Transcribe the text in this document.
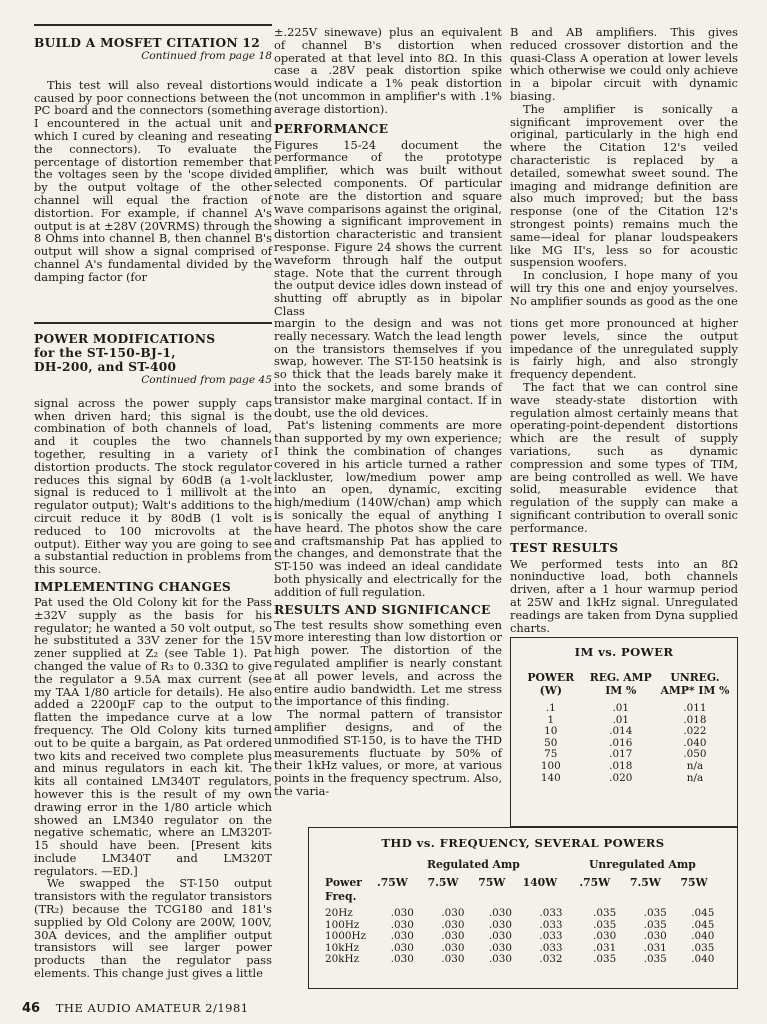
BUILD A MOSFET CITATION 12
Continued from page 18

This test will also reveal distortions caused by poor connections between the PC board and the connectors (something I encountered in the actual unit and which I cured by cleaning and reseating the connectors). To evaluate the percentage of distortion remember that the voltages seen by the 'scope divided by the output voltage of the other channel will equal the fraction of distortion. For example, if channel A's output is at ±28V (20VRMS) through the 8 Ohms into channel B, then channel B's output will show a signal comprised of channel A's fundamental divided by the damping factor (for

±.225V sinewave) plus an equivalent of channel B's distortion when operated at that level into 8Ω. In this case a .28V peak distortion spike would indicate a 1% peak distortion (not uncommon in amplifier's with .1% average distortion).

PERFORMANCE

Figures 15-24 document the performance of the prototype amplifier, which was built without selected components. Of particular note are the distortion and square wave comparisons against the original, showing a significant improvement in distortion characteristic and transient response. Figure 24 shows the current waveform through half the output stage. Note that the current through the output device idles down instead of shutting off abruptly as in bipolar Class

B and AB amplifiers. This gives reduced crossover distortion and the quasi-Class A operation at lower levels which otherwise we could only achieve in a bipolar circuit with dynamic biasing.

The amplifier is sonically a significant improvement over the original, particularly in the high end where the Citation 12's veiled characteristic is replaced by a detailed, somewhat sweet sound. The imaging and midrange definition are also much improved; but the bass response (one of the Citation 12's strongest points) remains much the same—ideal for planar loudspeakers like MG II's, less so for acoustic suspension woofers.

In conclusion, I hope many of you will try this one and enjoy yourselves. No amplifier sounds as good as the one

POWER MODIFICATIONS
for the ST-150-BJ-1,
DH-200, and ST-400
Continued from page 45

signal across the power supply caps when driven hard; this signal is the combination of both channels of load, and it couples the two channels together, resulting in a variety of distortion products. The stock regulator reduces this signal by 60dB (a 1-volt signal is reduced to 1 millivolt at the regulator output); Walt's additions to the circuit reduce it by 80dB (1 volt is reduced to 100 microvolts at the output). Either way you are going to see a substantial reduction in problems from this source.

IMPLEMENTING CHANGES

Pat used the Old Colony kit for the Pass ±32V supply as the basis for his regulator; he wanted a 50 volt output, so he substituted a 33V zener for the 15V zener supplied at Z₂ (see Table 1). Pat changed the value of R₃ to 0.33Ω to give the regulator a 9.5A max current (see my TAA 1/80 article for details). He also added a 2200µF cap to the output to flatten the impedance curve at a low frequency. The Old Colony kits turned out to be quite a bargain, as Pat ordered two kits and received two complete plus and minus regulators in each kit. The kits all contained LM340T regulators, however this is the result of my own drawing error in the 1/80 article which showed an LM340 regulator on the negative schematic, where an LM320T-15 should have been. [Present kits include LM340T and LM320T regulators. —ED.]

We swapped the ST-150 output transistors with the regulator transistors (TR₂) because the TCG180 and 181's supplied by Old Colony are 200W, 100V, 30A devices, and the amplifier output transistors will see larger power products than the regulator pass elements. This change just gives a little

margin to the design and was not really necessary. Watch the lead length on the transistors themselves if you swap, however. The ST-150 heatsink is so thick that the leads barely make it into the sockets, and some brands of transistor make marginal contact. If in doubt, use the old devices.

Pat's listening comments are more than supported by my own experience; I think the combination of changes covered in his article turned a rather lackluster, low/medium power amp into an open, dynamic, exciting high/medium (140W/chan) amp which is sonically the equal of anything I have heard. The photos show the care and craftsmanship Pat has applied to the changes, and demonstrate that the ST-150 was indeed an ideal candidate both physically and electrically for the addition of full regulation.

RESULTS AND SIGNIFICANCE

The test results show something even more interesting than low distortion or high power. The distortion of the regulated amplifier is nearly constant at all power levels, and across the entire audio bandwidth. Let me stress the importance of this finding.

The normal pattern of transistor amplifier designs, and of the unmodified ST-150, is to have the THD measurements fluctuate by 50% of their 1kHz values, or more, at various points in the frequency spectrum. Also, the varia-

tions get more pronounced at higher power levels, since the output impedance of the unregulated supply is fairly high, and also strongly frequency dependent.

The fact that we can control sine wave steady-state distortion with regulation almost certainly means that operating-point-dependent distortions which are the result of supply variations, such as dynamic compression and some types of TIM, are being controlled as well. We have solid, measurable evidence that regulation of the supply can make a significant contribution to overall sonic performance.

TEST RESULTS

We performed tests into an 8Ω noninductive load, both channels driven, after a 1 hour warmup period at 25W and 1kHz signal. Unregulated readings are taken from Dyna supplied charts.

IM vs. POWER
POWER (W)	REG. AMP IM %	UNREG. AMP* IM %
.1	.01	.011
1	.01	.018
10	.014	.022
50	.016	.040
75	.017	.050
100	.018	n/a
140	.020	n/a
THD vs. FREQUENCY, SEVERAL POWERS
Regulated Amp	Unregulated Amp
Power	.75W	7.5W	75W	140W	.75W	7.5W	75W
Freq.							
20Hz	.030	.030	.030	.033	.035	.035	.045
100Hz	.030	.030	.030	.033	.035	.035	.045
1000Hz	.030	.030	.030	.033	.030	.030	.040
10kHz	.030	.030	.030	.033	.031	.031	.035
20kHz	.030	.030	.030	.032	.035	.035	.040
46 THE AUDIO AMATEUR 2/1981
